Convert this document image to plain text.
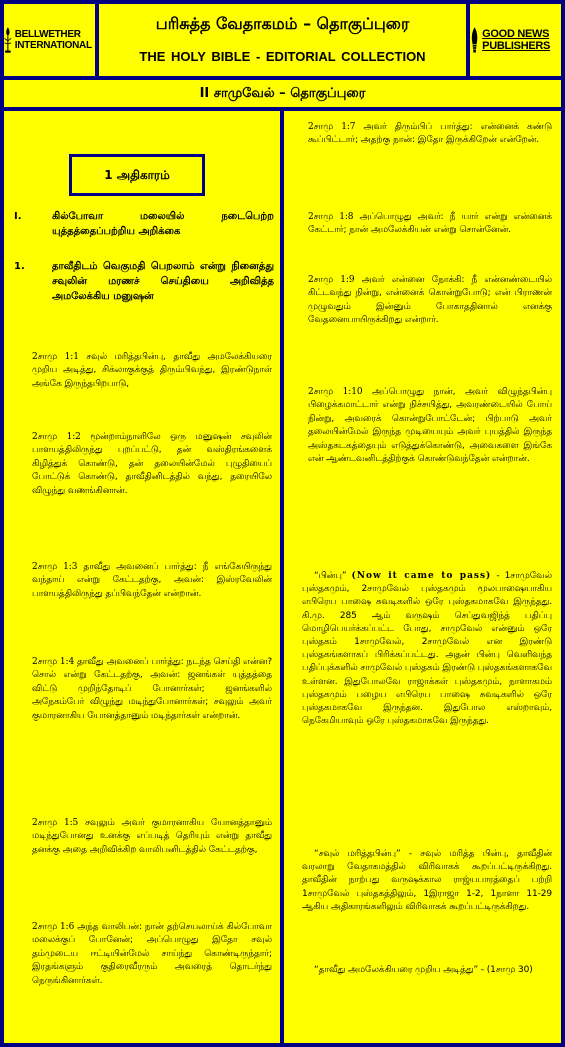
BELLWETHER INTERNATIONAL
பரிசுத்த வேதாகமம் – தொகுப்புரை
THE HOLY BIBLE - EDITORIAL COLLECTION
GOOD NEWS PUBLISHERS
II சாமுவேல் – தொகுப்புரை
1 அதிகாரம்
I.	கில்போவா மலையில் நடைபெற்ற யுத்தத்தைப்பற்றிய அறிக்கை
1.	தாவீதிடம் வெகுமதி பெறலாம் என்று நினைத்து சவுலின் மரணச் செய்தியை அறிவித்த அமலேக்கிய மனுஷன்

2சாமு 1:1 சவுல் மரித்தபின்பு, தாவீது அமலேக்கியரை முறிய அடித்து, சிக்லாகுக்குத் திரும்பிவந்து, இரண்டுநாள் அங்கே இருந்தபிறபாடு,

2சாமு 1:2 மூன்றாம்நாளிலே ஒரு மனுஷன் சவுலின் பாளயத்திலிருந்து புறப்பட்டு, தன் வஸ்திரங்களைக் கிழித்துக் கொண்டு, தன் தலையின்மேல் புழுதியைப் போட்டுக் கொண்டு, தாவீதினிடத்தில் வந்து, தரையிலே விழுந்து வணங்கினான்.

2சாமு 1:3 தாவீது அவனைப் பார்த்து: நீ எங்கேயிருந்து வந்தாய் என்று கேட்டதற்கு, அவன்: இஸ்ரவேலின் பாளயத்திலிருந்து தப்பிவந்தேன் என்றான்.

2சாமு 1:4 தாவீது அவனைப் பார்த்து: நடந்த செய்தி என்ன? சொல் என்று கேட்டதற்கு, அவன்: ஜனங்கள் யுத்தத்தை விட்டு முறிந்தோடிப் போனார்கள்; ஜனங்களில் அநேகம்பேர் விழுந்து மடிந்துபோனார்கள்; சவுலும் அவர் குமாரனாகிய யோனத்தானும் மடிந்தார்கள் என்றான்.

2சாமு 1:5 சவுலும் அவர் குமாரனாகிய யோனத்தானும் மடிந்துபோனது உனக்கு எப்படித் தெரியும் என்று தாவீது தனக்கு அதை அறிவிக்கிற வாலிபனிடத்தில் கேட்டதற்கு,

2சாமு 1:6 அந்த வாலிபன்: நான் தற்செயலாய்க் கில்போவா மலைக்குப் போனேன்; அப்பொழுது இதோ சவுல் தம்முடைய ஈட்டியின்மேல் சாய்ந்து கொண்டிருந்தார்; இரதங்களும் குதிரைவீரரும் அவரைத் தொடர்ந்து நெருங்கினார்கள்.

2சாமு 1:7 அவர் திரும்பிப் பார்த்து: என்னைக் கண்டு கூப்பிட்டார்; அதற்கு நான்: இதோ இருக்கிறேன் என்றேன்.

2சாமு 1:8 அப்பொழுது அவர்: நீ யார் என்று என்னைக் கேட்டார்; நான் அமலேக்கியன் என்று சொன்னேன்.

2சாமு 1:9 அவர் என்னை நோக்கி: நீ என்னண்டையில் கிட்டவந்து நின்று, என்னைக் கொன்றுபோடு; என் பிராணன் முழுவதும் இன்னும் போகாததினால் எனக்கு வேதனையாயிருக்கிறது என்றார்.

2சாமு 1:10 அப்பொழுது நான், அவர் விழுந்தபின்பு பிழைக்கமாட்டார் என்று நிச்சயித்து, அவரண்டையில் போய் நின்று, அவரைக் கொன்றுபோட்டேன்; பிற்பாடு அவர் தலையின்மேல் இருந்த முடியையும் அவர் புயத்தில் இருந்த அஸ்தகடகத்தையும் எடுத்துக்கொண்டு, அவைகளை இங்கே என் ஆண்டவனிடத்திற்குக் கொண்டுவந்தேன் என்றான்.

“பின்பு” (Now it came to pass) - 1சாமுவேல் புஸ்தகமும், 2சாமுவேல் புஸ்தகமும் மூலபாஷையாகிய எபிரெய பாஷை சுவடிகளில் ஒரே புஸ்தகமாகவே இருந்தது. கி.மு. 285 ஆம் வருஷம் செப்துவஜிந்த் பதிப்பு மொழிபெயர்க்கப்பட்ட போது, சாமுவேல் என்னும் ஒரே புஸ்தகம் 1சாமுவேல், 2சாமுவேல் என இரண்டு புஸ்தகங்களாகப் பிரிக்கப்பட்டது. அதன் பின்பு வெளிவந்த பதிப்புக்களில் சாமுவேல் புஸ்தகம் இரண்டு புஸ்தகங்களாகவே உள்ளன. இதுபோலவே ராஜாக்கள் புஸ்தகமும், நாளாகமம் புஸ்தகமும் பழைய எபிரெய பாஷை சுவடிகளில் ஒரே புஸ்தகமாகவே இருந்தன. இதுபோல எஸ்றாவும், நெகேமியாவும் ஒரே புஸ்தகமாகவே இருந்தது.

“சவுல் மரித்தபின்பு” - சவுல் மரித்த பின்பு, தாவீதின் வரலாறு வேதாகமத்தில் விரிவாகக் கூறப்பட்டிருக்கிறது. தாவீதின் நாற்பது வருஷக்கால ராஜ்யபாரத்தைப் பற்றி 1சாமுவேல் புஸ்தகத்திலும், 1இராஜா 1-2, 1நாளா 11-29 ஆகிய அதிகாரங்களிலும் விரிவாகக் கூறப்பட்டிருக்கிறது.

“தாவீது அமலேக்கியரை முறிய அடித்து” - (1சாமு 30)
